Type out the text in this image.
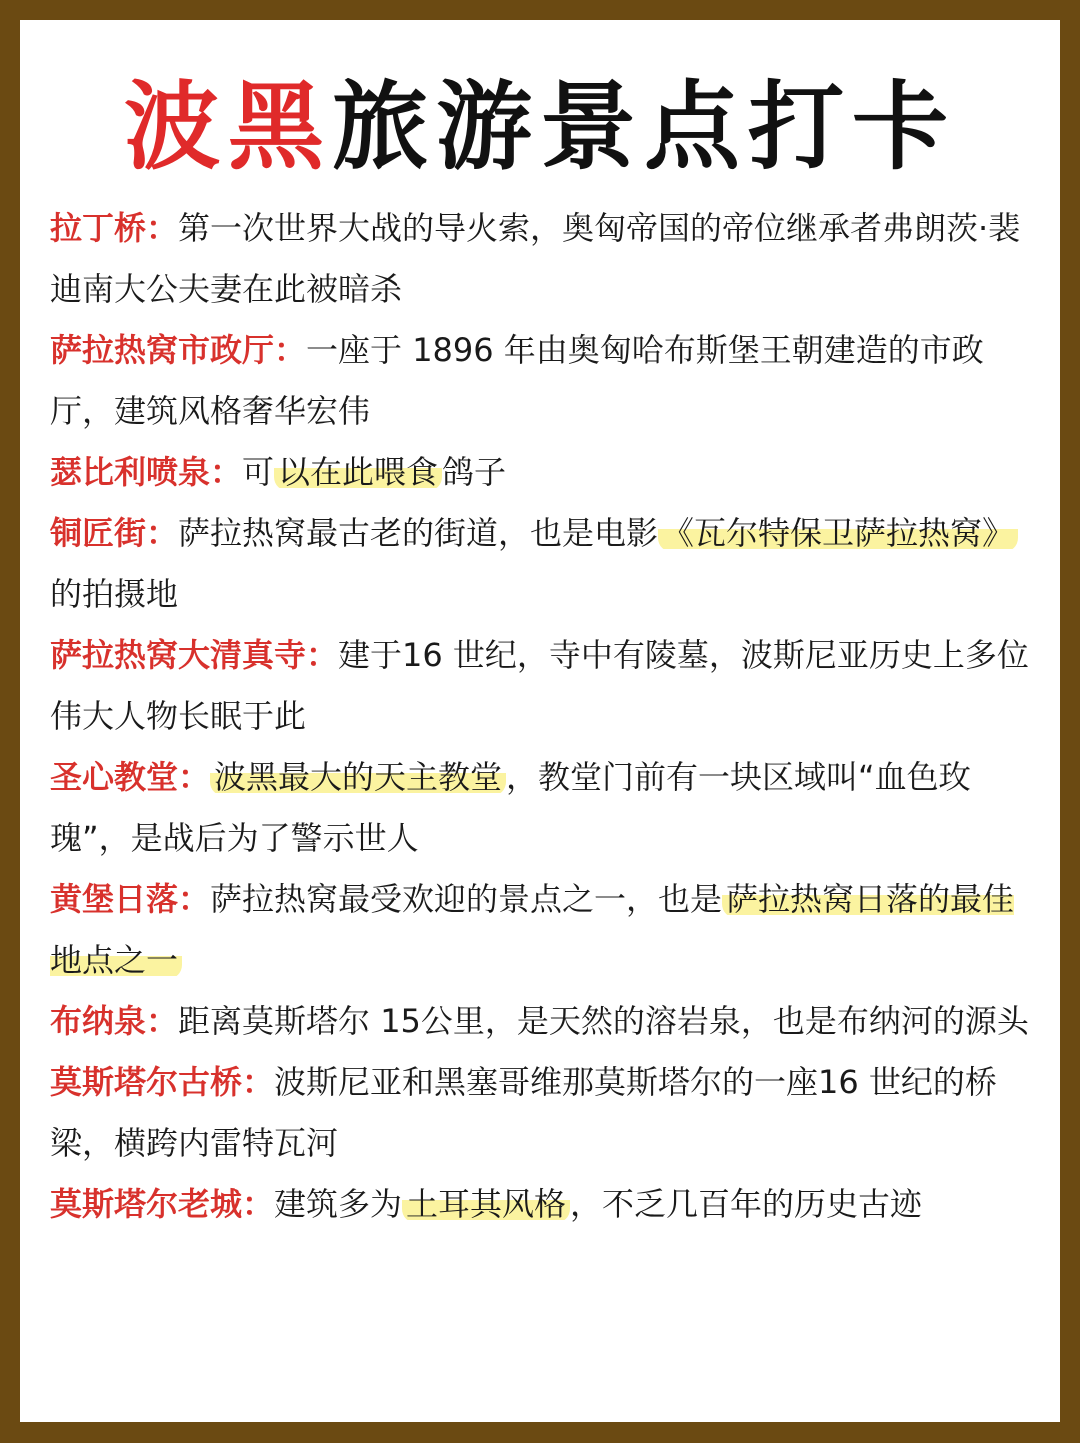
波黑旅游景点打卡

拉丁桥：第一次世界大战的导火索，奥匈帝国的帝位继承者弗朗茨·裴迪南大公夫妻在此被暗杀

萨拉热窝市政厅：一座于 1896 年由奥匈哈布斯堡王朝建造的市政厅，建筑风格奢华宏伟

瑟比利喷泉：可 以在此喂食 鸽子

铜匠街：萨拉热窝最古老的街道，也是电影 《瓦尔特保卫萨拉热窝》的拍摄地

萨拉热窝大清真寺：建于16 世纪，寺中有陵墓，波斯尼亚历史上多位伟大人物长眠于此

圣心教堂： 波黑最大的天主教堂 ，教堂门前有一块区域叫“血色玫瑰”，是战后为了警示世人

黄堡日落：萨拉热窝最受欢迎的景点之一，也是 萨拉热窝日落的最佳地点之一

布纳泉：距离莫斯塔尔 15公里，是天然的溶岩泉，也是布纳河的源头

莫斯塔尔古桥：波斯尼亚和黑塞哥维那莫斯塔尔的一座16 世纪的桥梁，横跨内雷特瓦河

莫斯塔尔老城：建筑多为 土耳其风格 ，不乏几百年的历史古迹
